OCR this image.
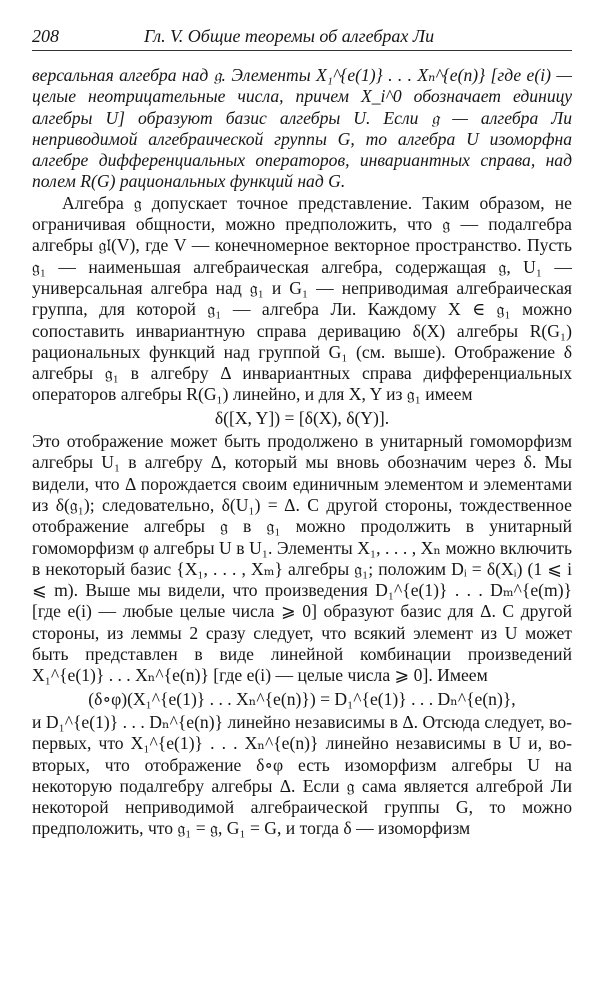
208	Гл. V. Общие теоремы об алгебрах Ли

версальная алгебра над 𝔤. Элементы X₁^{e(1)} . . . Xₙ^{e(n)} [где e(i) — целые неотрицательные числа, причем X_i^0 обозначает единицу алгебры U] образуют базис алгебры U. Если 𝔤 — алгебра Ли неприводимой алгебраической группы G, то алгебра U изоморфна алгебре дифференциальных операторов, инвариантных справа, над полем R(G) рациональных функций над G.

Алгебра 𝔤 допускает точное представление. Таким образом, не ограничивая общности, можно предположить, что 𝔤 — подалгебра алгебры 𝔤𝔩(V), где V — конечномерное векторное пространство. Пусть 𝔤₁ — наименьшая алгебраическая алгебра, содержащая 𝔤, U₁ — универсальная алгебра над 𝔤₁ и G₁ — неприводимая алгебраическая группа, для которой 𝔤₁ — алгебра Ли. Каждому X ∈ 𝔤₁ можно сопоставить инвариантную справа деривацию δ(X) алгебры R(G₁) рациональных функций над группой G₁ (см. выше). Отображение δ алгебры 𝔤₁ в алгебру Δ инвариантных справа дифференциальных операторов алгебры R(G₁) линейно, и для X, Y из 𝔤₁ имеем

δ([X, Y]) = [δ(X), δ(Y)].

Это отображение может быть продолжено в унитарный гомоморфизм алгебры U₁ в алгебру Δ, который мы вновь обозначим через δ. Мы видели, что Δ порождается своим единичным элементом и элементами из δ(𝔤₁); следовательно, δ(U₁) = Δ. С другой стороны, тождественное отображение алгебры 𝔤 в 𝔤₁ можно продолжить в унитарный гомоморфизм φ алгебры U в U₁. Элементы X₁, . . . , Xₙ можно включить в некоторый базис {X₁, . . . , Xₘ} алгебры 𝔤₁; положим Dᵢ = δ(Xᵢ) (1 ⩽ i ⩽ m). Выше мы видели, что произведения D₁^{e(1)} . . . Dₘ^{e(m)} [где e(i) — любые целые числа ⩾ 0] образуют базис для Δ. С другой стороны, из леммы 2 сразу следует, что всякий элемент из U может быть представлен в виде линейной комбинации произведений X₁^{e(1)} . . . Xₙ^{e(n)} [где e(i) — целые числа ⩾ 0]. Имеем

(δ∘φ)(X₁^{e(1)} . . . Xₙ^{e(n)}) = D₁^{e(1)} . . . Dₙ^{e(n)},

и D₁^{e(1)} . . . Dₙ^{e(n)} линейно независимы в Δ. Отсюда следует, во-первых, что X₁^{e(1)} . . . Xₙ^{e(n)} линейно независимы в U и, во-вторых, что отображение δ∘φ есть изоморфизм алгебры U на некоторую подалгебру алгебры Δ. Если 𝔤 сама является алгеброй Ли некоторой неприводимой алгебраической группы G, то можно предположить, что 𝔤₁ = 𝔤, G₁ = G, и тогда δ — изоморфизм
